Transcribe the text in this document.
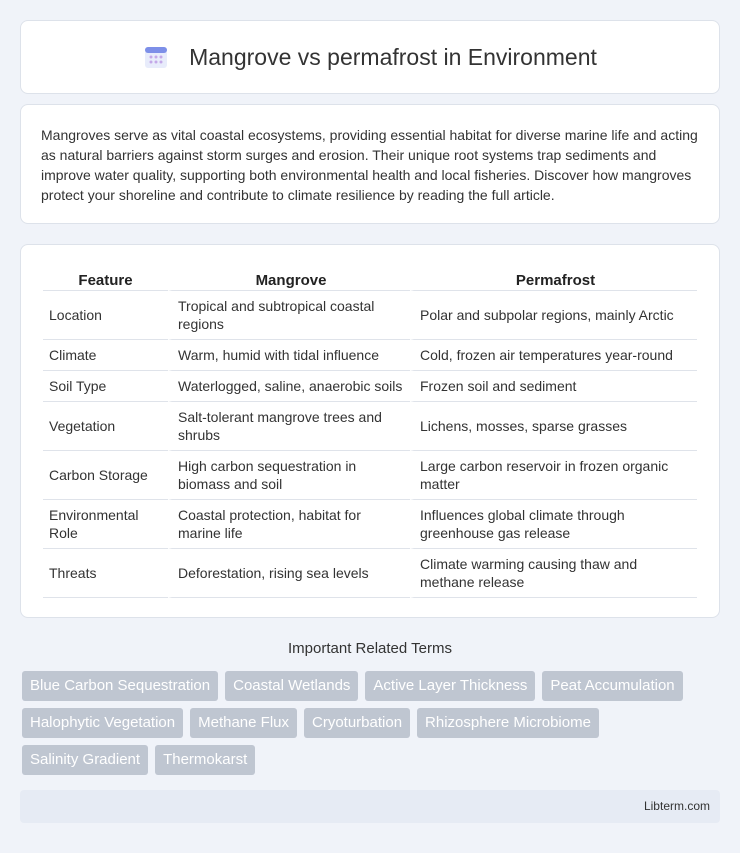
Mangrove vs permafrost in Environment

Mangroves serve as vital coastal ecosystems, providing essential habitat for diverse marine life and acting as natural barriers against storm surges and erosion. Their unique root systems trap sediments and improve water quality, supporting both environmental health and local fisheries. Discover how mangroves protect your shoreline and contribute to climate resilience by reading the full article.

Feature	Mangrove	Permafrost
Location	Tropical and subtropical coastal regions	Polar and subpolar regions, mainly Arctic
Climate	Warm, humid with tidal influence	Cold, frozen air temperatures year-round
Soil Type	Waterlogged, saline, anaerobic soils	Frozen soil and sediment
Vegetation	Salt-tolerant mangrove trees and shrubs	Lichens, mosses, sparse grasses
Carbon Storage	High carbon sequestration in biomass and soil	Large carbon reservoir in frozen organic matter
Environmental Role	Coastal protection, habitat for marine life	Influences global climate through greenhouse gas release
Threats	Deforestation, rising sea levels	Climate warming causing thaw and methane release
Important Related Terms
Blue Carbon Sequestration	Coastal Wetlands	Active Layer Thickness	Peat Accumulation
Halophytic Vegetation	Methane Flux	Cryoturbation	Rhizosphere Microbiome
Salinity Gradient	Thermokarst
Libterm.com
